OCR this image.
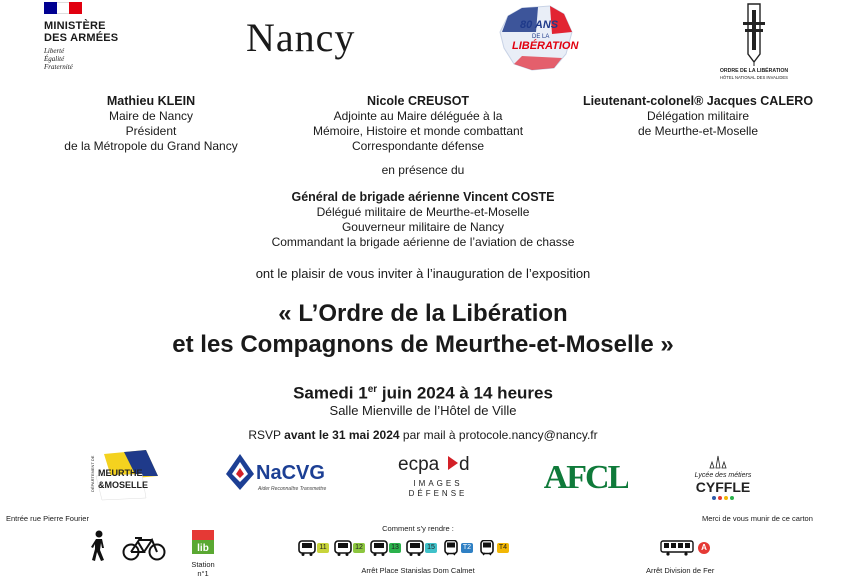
MINISTÈRE
DES ARMÉES
Liberté
Égalité
Fraternité
Nancy	80 ANS
DE LA
LIBÉRATION
ORDRE DE LA LIBÉRATION
HÔTEL NATIONAL DES INVALIDES
Mathieu KLEIN
Maire de Nancy
Président
de la Métropole du Grand Nancy
Nicole CREUSOT
Adjointe au Maire déléguée à la
Mémoire, Histoire et monde combattant
Correspondante défense
Lieutenant-colonel® Jacques CALERO
Délégation militaire
de Meurthe-et-Moselle
en présence du
Général de brigade aérienne Vincent COSTE
Délégué militaire de Meurthe-et-Moselle
Gouverneur militaire de Nancy
Commandant la brigade aérienne de l’aviation de chasse
ont le plaisir de vous inviter à l’inauguration de l’exposition
« L’Ordre de la Libération
et les Compagnons de Meurthe-et-Moselle »
Samedi 1er juin 2024 à 14 heures
Salle Mienville de l’Hôtel de Ville
RSVP avant le 31 mai 2024 par mail à protocole.nancy@nancy.fr
DÉPARTEMENT DE MEURTHE
&MOSELLE
NaCVG
Aider Reconnaître Transmettre
ecpa d
IMAGES
DÉFENSE AFCL	Lycée des métiers
CYFFLE
Entrée rue Pierre Fourier
Comment s’y rendre :
Merci de vous munir de ce carton
lib
Station
n°1
11	12	13	15	T2	T4
Arrêt Place Stanislas Dom Calmet
A
Arrêt Division de Fer
